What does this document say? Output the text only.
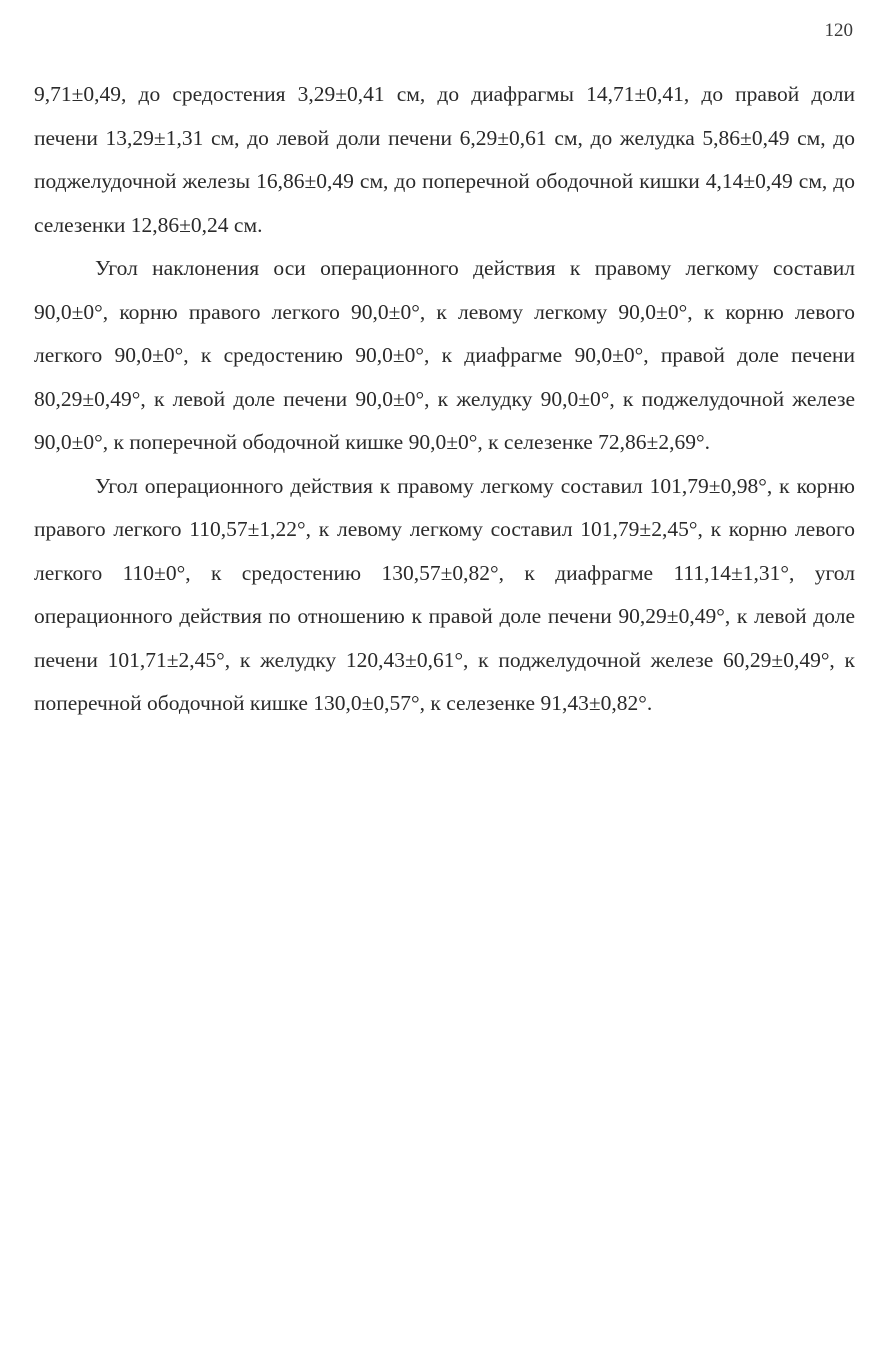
120

9,71±0,49, до средостения 3,29±0,41 см, до диафрагмы 14,71±0,41, до правой доли печени 13,29±1,31 см, до левой доли печени 6,29±0,61 см, до желудка 5,86±0,49 см, до поджелудочной железы 16,86±0,49 см, до поперечной ободочной кишки 4,14±0,49 см, до селезенки 12,86±0,24 см.

Угол наклонения оси операционного действия к правому легкому составил 90,0±0°, корню правого легкого 90,0±0°, к левому легкому 90,0±0°, к корню левого легкого 90,0±0°, к средостению 90,0±0°, к диафрагме 90,0±0°, правой доле печени 80,29±0,49°, к левой доле печени 90,0±0°, к желудку 90,0±0°, к поджелудочной железе 90,0±0°, к поперечной ободочной кишке 90,0±0°, к селезенке 72,86±2,69°.

Угол операционного действия к правому легкому составил 101,79±0,98°, к корню правого легкого 110,57±1,22°, к левому легкому составил 101,79±2,45°, к корню левого легкого 110±0°, к средостению 130,57±0,82°, к диафрагме 111,14±1,31°, угол операционного действия по отношению к правой доле печени 90,29±0,49°, к левой доле печени 101,71±2,45°, к желудку 120,43±0,61°, к поджелудочной железе 60,29±0,49°, к поперечной ободочной кишке 130,0±0,57°, к селезенке 91,43±0,82°.
